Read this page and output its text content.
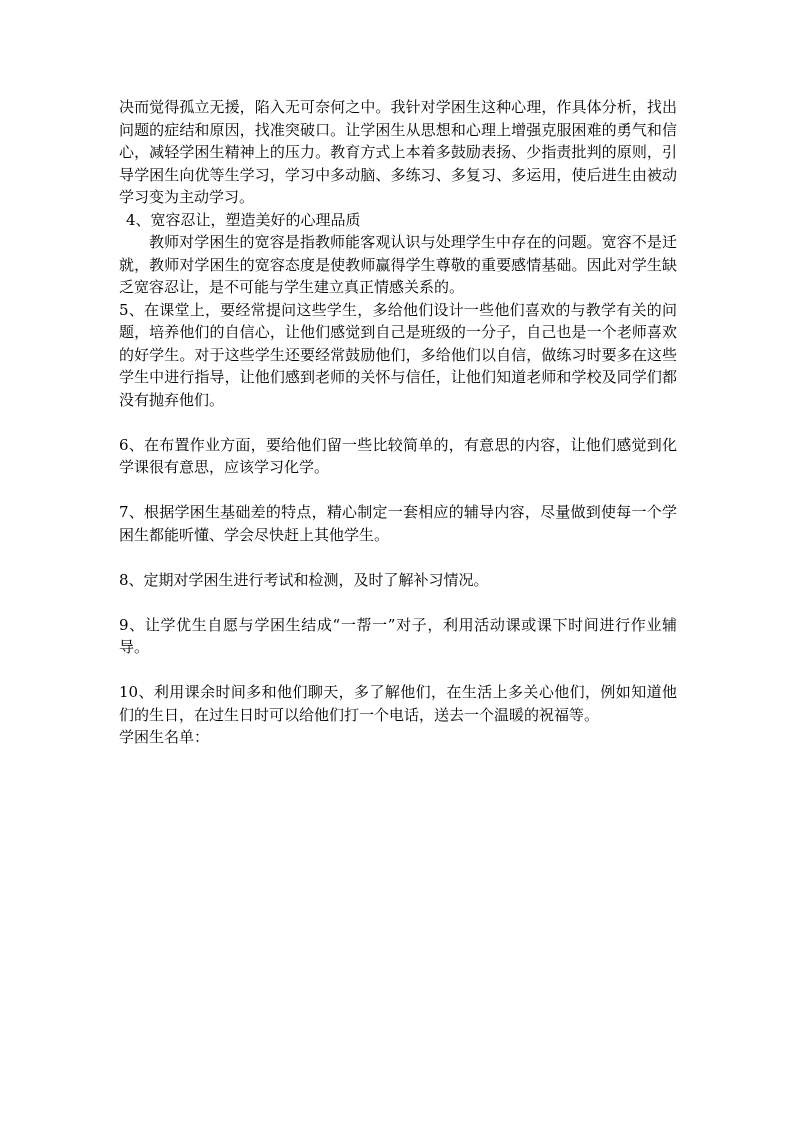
决而觉得孤立无援，陷入无可奈何之中。我针对学困生这种心理，作具体分析，找出问题的症结和原因，找准突破口。让学困生从思想和心理上增强克服困难的勇气和信心，减轻学困生精神上的压力。教育方式上本着多鼓励表扬、少指责批判的原则，引导学困生向优等生学习，学习中多动脑、多练习、多复习、多运用，使后进生由被动学习变为主动学习。

4、宽容忍让，塑造美好的心理品质

教师对学困生的宽容是指教师能客观认识与处理学生中存在的问题。宽容不是迁就，教师对学困生的宽容态度是使教师赢得学生尊敬的重要感情基础。因此对学生缺乏宽容忍让，是不可能与学生建立真正情感关系的。

5、在课堂上，要经常提问这些学生，多给他们设计一些他们喜欢的与教学有关的问题，培养他们的自信心，让他们感觉到自己是班级的一分子，自己也是一个老师喜欢的好学生。对于这些学生还要经常鼓励他们，多给他们以自信，做练习时要多在这些学生中进行指导，让他们感到老师的关怀与信任，让他们知道老师和学校及同学们都没有抛弃他们。

6、在布置作业方面，要给他们留一些比较简单的，有意思的内容，让他们感觉到化学课很有意思，应该学习化学。

7、根据学困生基础差的特点，精心制定一套相应的辅导内容，尽量做到使每一个学困生都能听懂、学会尽快赶上其他学生。

8、定期对学困生进行考试和检测，及时了解补习情况。

9、让学优生自愿与学困生结成“一帮一”对子，利用活动课或课下时间进行作业辅导。

10、利用课余时间多和他们聊天，多了解他们，在生活上多关心他们，例如知道他们的生日，在过生日时可以给他们打一个电话，送去一个温暖的祝福等。

学困生名单：
